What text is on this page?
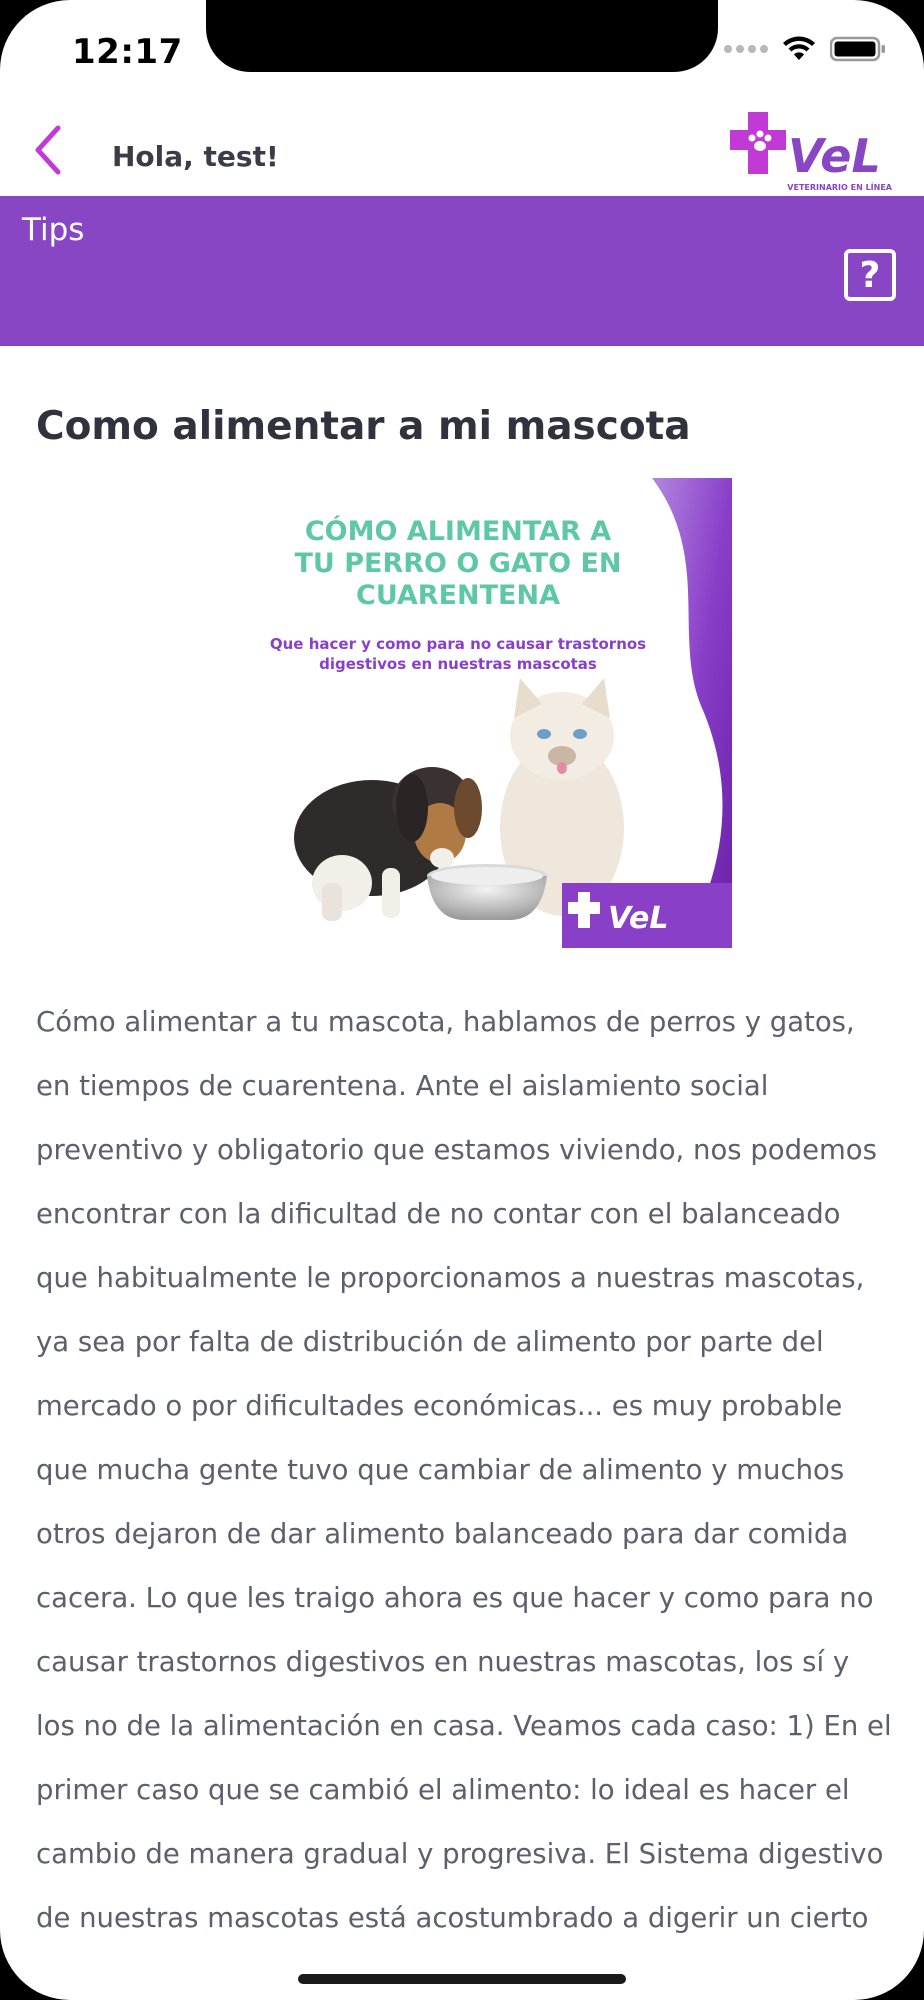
12:17
Hola, test!	VeL
VETERINARIO EN LÍNEA
Tips
?
Como alimentar a mi mascota
CÓMO ALIMENTAR A
TU PERRO O GATO EN
CUARENTENA
Que hacer y como para no causar trastornos
digestivos en nuestras mascotas
VeL

Cómo alimentar a tu mascota, hablamos de perros y gatos, en tiempos de cuarentena. Ante el aislamiento social preventivo y obligatorio que estamos viviendo, nos podemos encontrar con la dificultad de no contar con el balanceado que habitualmente le proporcionamos a nuestras mascotas, ya sea por falta de distribución de alimento por parte del mercado o por dificultades económicas... es muy probable que mucha gente tuvo que cambiar de alimento y muchos otros dejaron de dar alimento balanceado para dar comida cacera. Lo que les traigo ahora es que hacer y como para no causar trastornos digestivos en nuestras mascotas, los sí y los no de la alimentación en casa. Veamos cada caso: 1) En el primer caso que se cambió el alimento: lo ideal es hacer el cambio de manera gradual y progresiva. El Sistema digestivo de nuestras mascotas está acostumbrado a digerir un cierto
